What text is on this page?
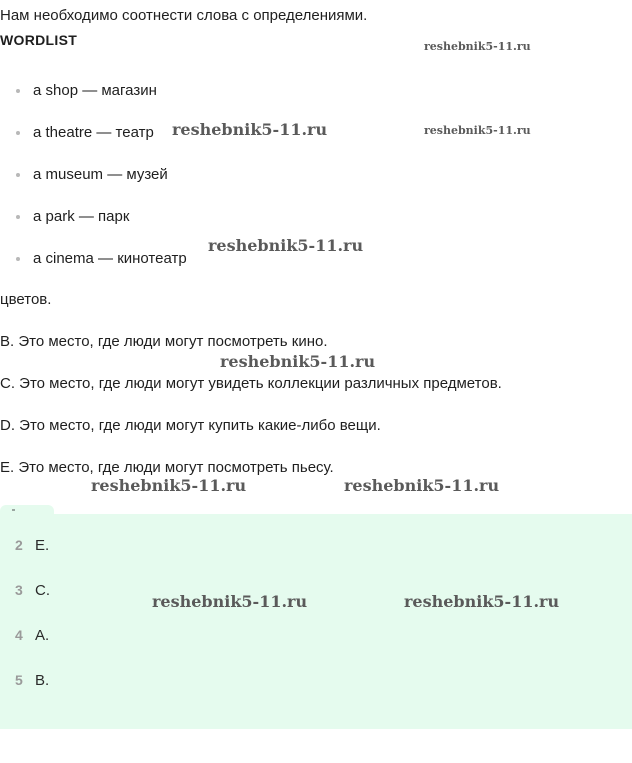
Нам необходимо соотнести слова с определениями.
WORDLIST
a shop — магазин
a theatre — театр
a museum — музей
a park — парк
a cinema — кинотеатр
цветов.
B. Это место, где люди могут посмотреть кино.
C. Это место, где люди могут увидеть коллекции различных предметов.
D. Это место, где люди могут купить какие-либо вещи.
E. Это место, где люди могут посмотреть пьесу.
2 E.
3 C.
4 A.
5 B.
reshebnik5-11.ru
reshebnik5-11.ru	reshebnik5-11.ru
reshebnik5-11.ru
reshebnik5-11.ru
reshebnik5-11.ru	reshebnik5-11.ru
reshebnik5-11.ru	reshebnik5-11.ru
